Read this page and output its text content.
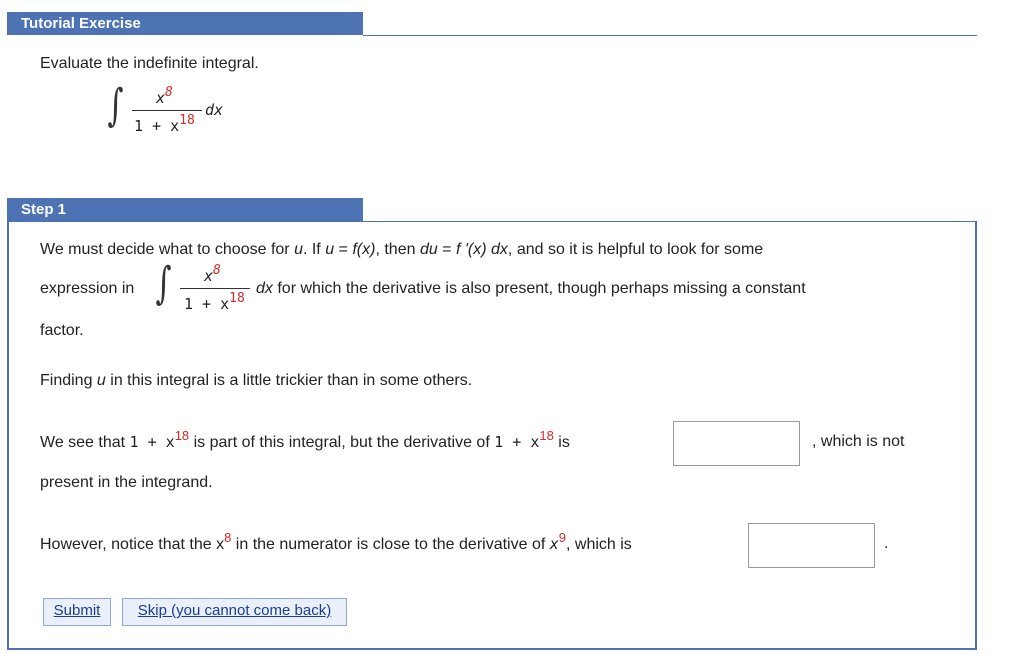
Tutorial Exercise
Evaluate the indefinite integral.
∫ x8
1 + x18
dx
Step 1
We must decide what to choose for u. If u = f(x), then du = f '(x) dx, and so it is helpful to look for some
expression in ∫ x8
1 + x18
dx for which the derivative is also present, though perhaps missing a constant
factor.
Finding u in this integral is a little trickier than in some others.
We see that $1 + x^{18}$ is part of this integral, but the derivative of $1 + x^{18}$ is	, which is not
present in the integrand.
However, notice that the $x^8$ in the numerator is close to the derivative of $x^9$, which is	.
Submit	Skip (you cannot come back)
